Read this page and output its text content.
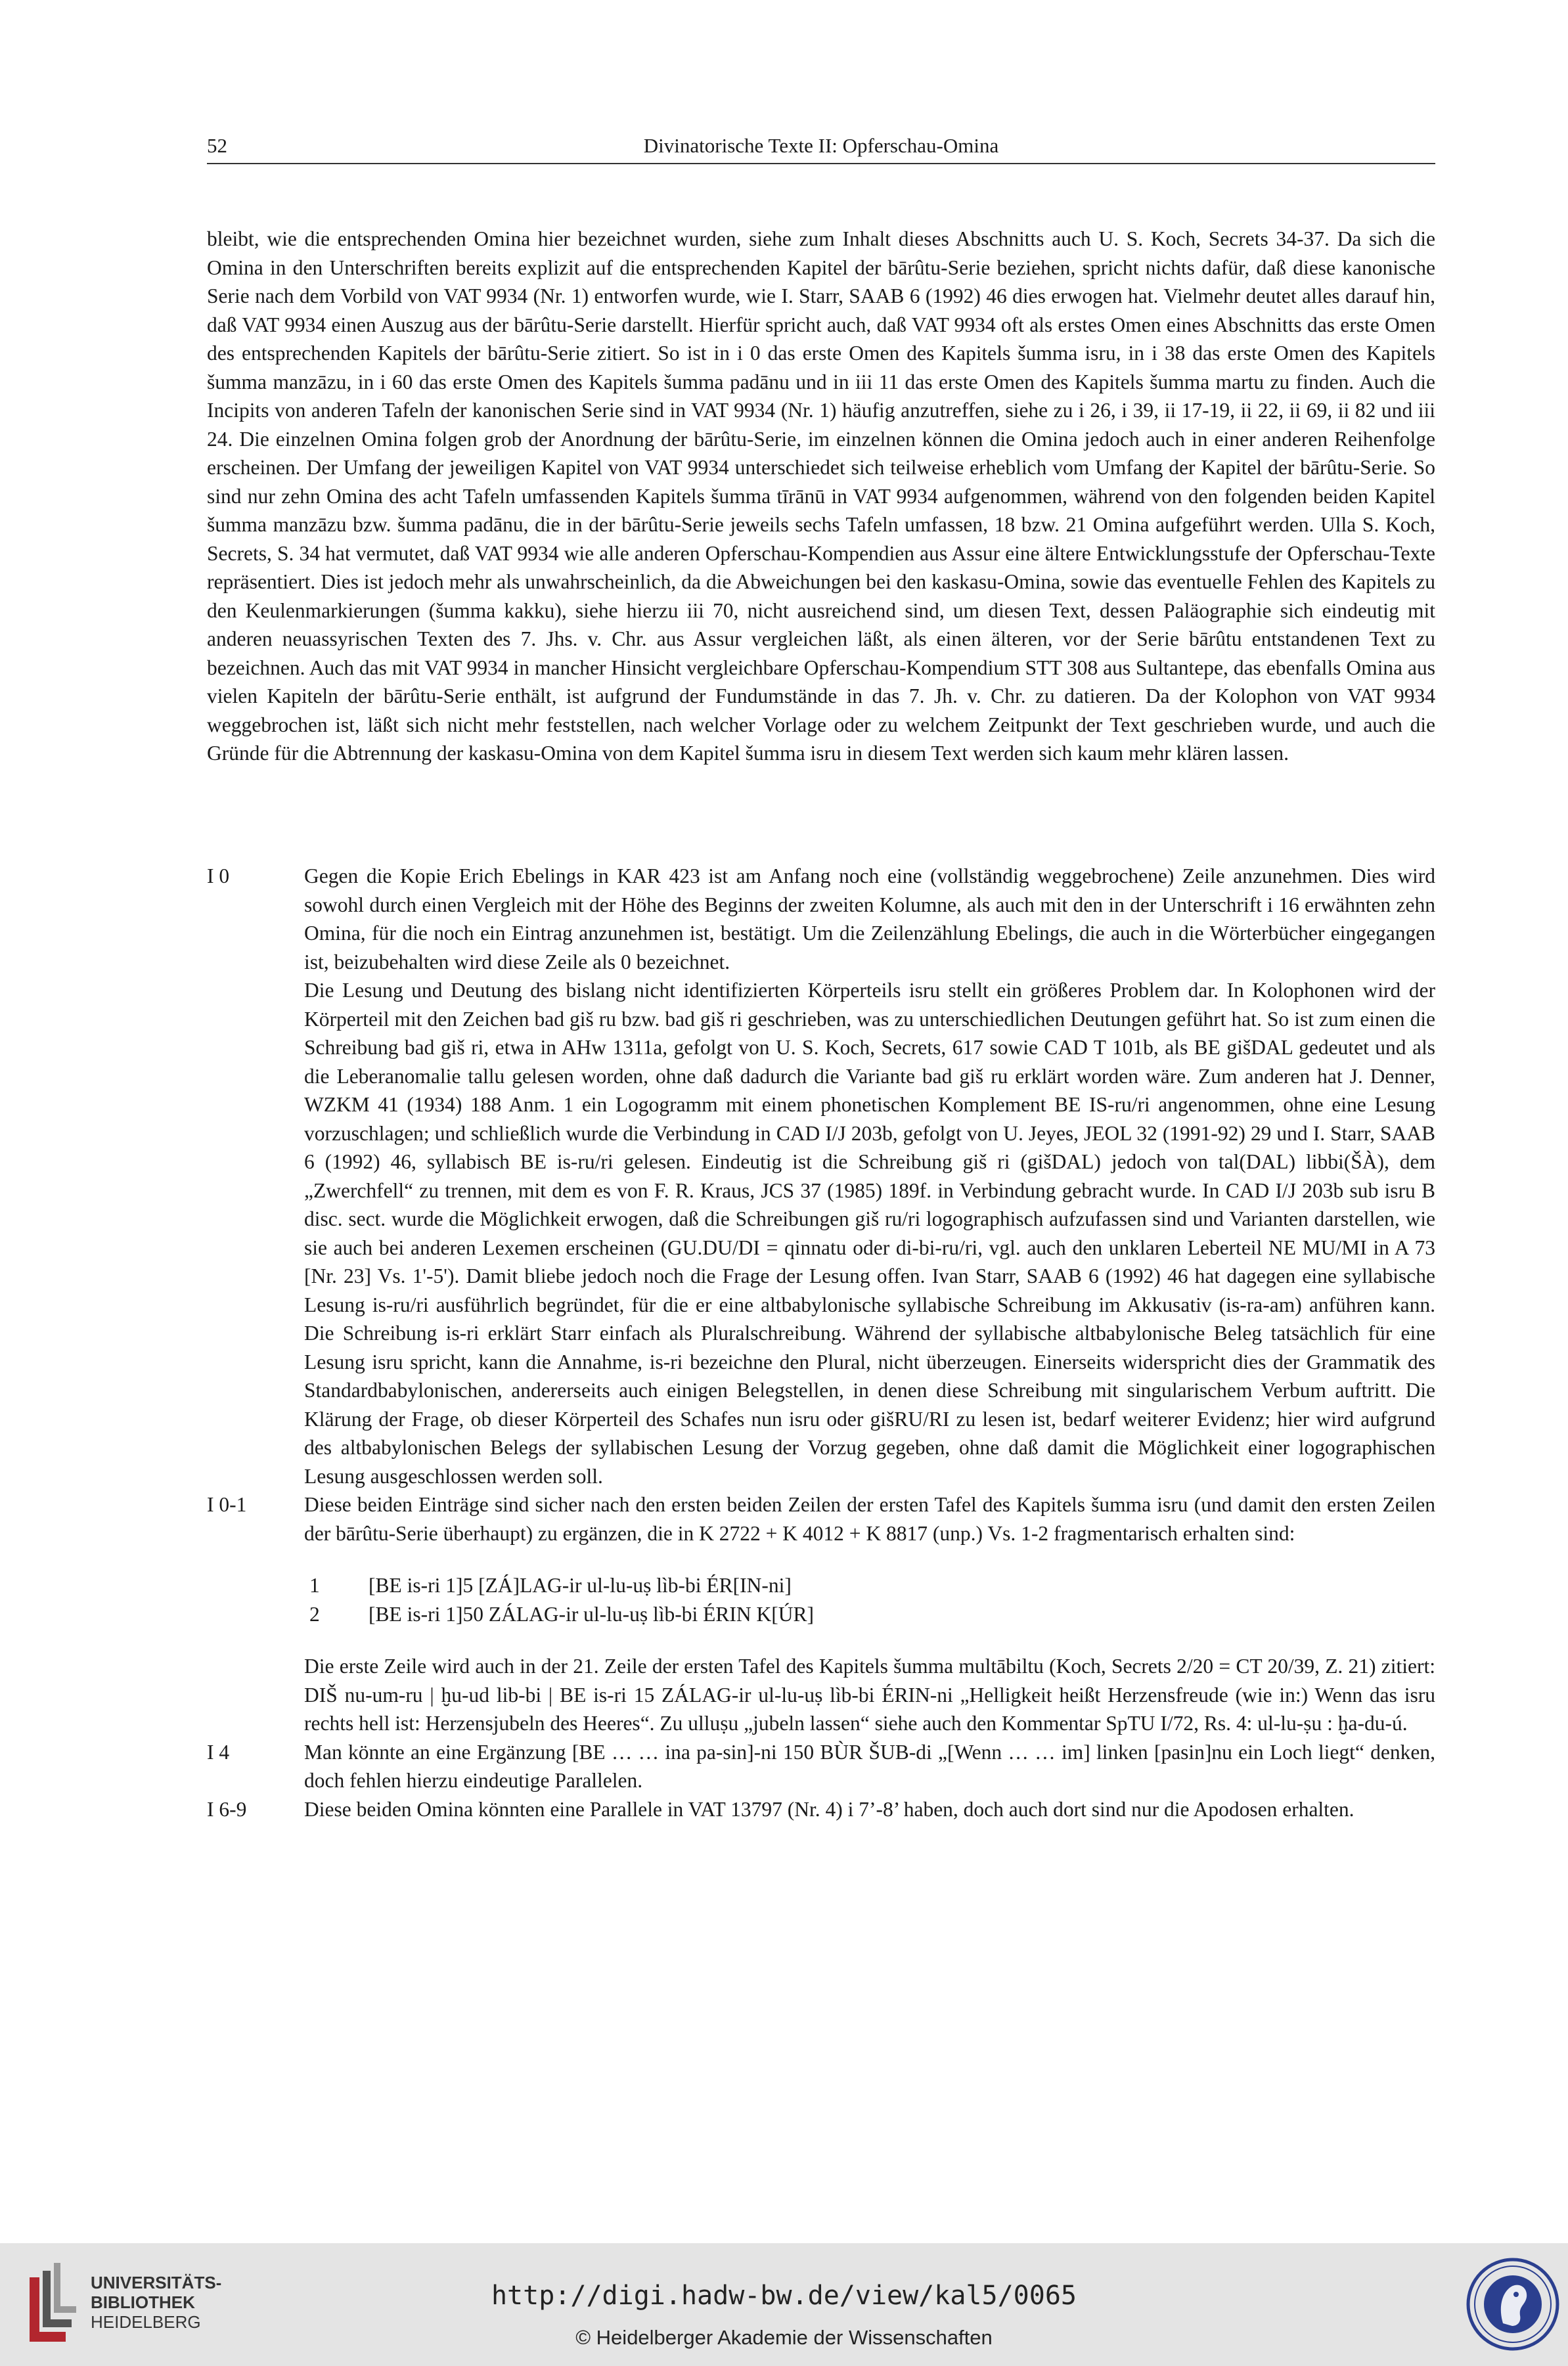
52	Divinatorische Texte II: Opferschau-Omina

bleibt, wie die entsprechenden Omina hier bezeichnet wurden, siehe zum Inhalt dieses Abschnitts auch U. S. Koch, Secrets 34-37. Da sich die Omina in den Unterschriften bereits explizit auf die entsprechenden Kapitel der bārûtu-Serie beziehen, spricht nichts dafür, daß diese kanonische Serie nach dem Vorbild von VAT 9934 (Nr. 1) entworfen wurde, wie I. Starr, SAAB 6 (1992) 46 dies erwogen hat. Vielmehr deutet alles darauf hin, daß VAT 9934 einen Auszug aus der bārûtu-Serie darstellt. Hierfür spricht auch, daß VAT 9934 oft als erstes Omen eines Abschnitts das erste Omen des entsprechenden Kapitels der bārûtu-Serie zitiert. So ist in i 0 das erste Omen des Kapitels šumma isru, in i 38 das erste Omen des Kapitels šumma manzāzu, in i 60 das erste Omen des Kapitels šumma padānu und in iii 11 das erste Omen des Kapitels šumma martu zu finden. Auch die Incipits von anderen Tafeln der kanonischen Serie sind in VAT 9934 (Nr. 1) häufig anzutreffen, siehe zu i 26, i 39, ii 17-19, ii 22, ii 69, ii 82 und iii 24. Die einzelnen Omina folgen grob der Anordnung der bārûtu-Serie, im einzelnen können die Omina jedoch auch in einer anderen Reihenfolge erscheinen. Der Umfang der jeweiligen Kapitel von VAT 9934 unterschiedet sich teilweise erheblich vom Umfang der Kapitel der bārûtu-Serie. So sind nur zehn Omina des acht Tafeln umfassenden Kapitels šumma tīrānū in VAT 9934 aufgenommen, während von den folgenden beiden Kapitel šumma manzāzu bzw. šumma padānu, die in der bārûtu-Serie jeweils sechs Tafeln umfassen, 18 bzw. 21 Omina aufgeführt werden. Ulla S. Koch, Secrets, S. 34 hat vermutet, daß VAT 9934 wie alle anderen Opferschau-Kompendien aus Assur eine ältere Entwicklungsstufe der Opferschau-Texte repräsentiert. Dies ist jedoch mehr als unwahrscheinlich, da die Abweichungen bei den kaskasu-Omina, sowie das eventuelle Fehlen des Kapitels zu den Keulenmarkierungen (šumma kakku), siehe hierzu iii 70, nicht ausreichend sind, um diesen Text, dessen Paläographie sich eindeutig mit anderen neuassyrischen Texten des 7. Jhs. v. Chr. aus Assur vergleichen läßt, als einen älteren, vor der Serie bārûtu entstandenen Text zu bezeichnen. Auch das mit VAT 9934 in mancher Hinsicht vergleichbare Opferschau-Kompendium STT 308 aus Sultantepe, das ebenfalls Omina aus vielen Kapiteln der bārûtu-Serie enthält, ist aufgrund der Fundumstände in das 7. Jh. v. Chr. zu datieren. Da der Kolophon von VAT 9934 weggebrochen ist, läßt sich nicht mehr feststellen, nach welcher Vorlage oder zu welchem Zeitpunkt der Text geschrieben wurde, und auch die Gründe für die Abtrennung der kaskasu-Omina von dem Kapitel šumma isru in diesem Text werden sich kaum mehr klären lassen.

I 0	Gegen die Kopie Erich Ebelings in KAR 423 ist am Anfang noch eine (vollständig weggebrochene) Zeile anzunehmen. Dies wird sowohl durch einen Vergleich mit der Höhe des Beginns der zweiten Kolumne, als auch mit den in der Unterschrift i 16 erwähnten zehn Omina, für die noch ein Eintrag anzunehmen ist, bestätigt. Um die Zeilenzählung Ebelings, die auch in die Wörterbücher eingegangen ist, beizubehalten wird diese Zeile als 0 bezeichnet.

Die Lesung und Deutung des bislang nicht identifizierten Körperteils isru stellt ein größeres Problem dar. In Kolophonen wird der Körperteil mit den Zeichen bad giš ru bzw. bad giš ri geschrieben, was zu unterschiedlichen Deutungen geführt hat. So ist zum einen die Schreibung bad giš ri, etwa in AHw 1311a, gefolgt von U. S. Koch, Secrets, 617 sowie CAD T 101b, als BE gišDAL gedeutet und als die Leberanomalie tallu gelesen worden, ohne daß dadurch die Variante bad giš ru erklärt worden wäre. Zum anderen hat J. Denner, WZKM 41 (1934) 188 Anm. 1 ein Logogramm mit einem phonetischen Komplement BE IS-ru/ri angenommen, ohne eine Lesung vorzuschlagen; und schließlich wurde die Verbindung in CAD I/J 203b, gefolgt von U. Jeyes, JEOL 32 (1991-92) 29 und I. Starr, SAAB 6 (1992) 46, syllabisch BE is-ru/ri gelesen. Eindeutig ist die Schreibung giš ri (gišDAL) jedoch von tal(DAL) libbi(ŠÀ), dem „Zwerchfell“ zu trennen, mit dem es von F. R. Kraus, JCS 37 (1985) 189f. in Verbindung gebracht wurde. In CAD I/J 203b sub isru B disc. sect. wurde die Möglichkeit erwogen, daß die Schreibungen giš ru/ri logographisch aufzufassen sind und Varianten darstellen, wie sie auch bei anderen Lexemen erscheinen (GU.DU/DI = qinnatu oder di-bi-ru/ri, vgl. auch den unklaren Leberteil NE MU/MI in A 73 [Nr. 23] Vs. 1'-5'). Damit bliebe jedoch noch die Frage der Lesung offen. Ivan Starr, SAAB 6 (1992) 46 hat dagegen eine syllabische Lesung is-ru/ri ausführlich begründet, für die er eine altbabylonische syllabische Schreibung im Akkusativ (is-ra-am) anführen kann. Die Schreibung is-ri erklärt Starr einfach als Pluralschreibung. Während der syllabische altbabylonische Beleg tatsächlich für eine Lesung isru spricht, kann die Annahme, is-ri bezeichne den Plural, nicht überzeugen. Einerseits widerspricht dies der Grammatik des Standardbabylonischen, andererseits auch einigen Belegstellen, in denen diese Schreibung mit singularischem Verbum auftritt. Die Klärung der Frage, ob dieser Körperteil des Schafes nun isru oder gišRU/RI zu lesen ist, bedarf weiterer Evidenz; hier wird aufgrund des altbabylonischen Belegs der syllabischen Lesung der Vorzug gegeben, ohne daß damit die Möglichkeit einer logographischen Lesung ausgeschlossen werden soll.

I 0-1	Diese beiden Einträge sind sicher nach den ersten beiden Zeilen der ersten Tafel des Kapitels šumma isru (und damit den ersten Zeilen der bārûtu-Serie überhaupt) zu ergänzen, die in K 2722 + K 4012 + K 8817 (unp.) Vs. 1-2 fragmentarisch erhalten sind:

1	[BE is-ri 1]5 [ZÁ]LAG-ir ul-lu-uṣ lìb-bi ÉR[IN-ni]
2	[BE is-ri 1]50 ZÁLAG-ir ul-lu-uṣ lìb-bi ÉRIN K[ÚR]

Die erste Zeile wird auch in der 21. Zeile der ersten Tafel des Kapitels šumma multābiltu (Koch, Secrets 2/20 = CT 20/39, Z. 21) zitiert: DIŠ nu-um-ru | ḫu-ud lib-bi | BE is-ri 15 ZÁLAG-ir ul-lu-uṣ lìb-bi ÉRIN-ni „Helligkeit heißt Herzensfreude (wie in:) Wenn das isru rechts hell ist: Herzensjubeln des Heeres“. Zu ulluṣu „jubeln lassen“ siehe auch den Kommentar SpTU I/72, Rs. 4: ul-lu-ṣu : ḫa-du-ú.

I 4	Man könnte an eine Ergänzung [BE … … ina pa-sin]-ni 150 BÙR ŠUB-di „[Wenn … … im] linken [pasin]nu ein Loch liegt“ denken, doch fehlen hierzu eindeutige Parallelen.

I 6-9	Diese beiden Omina könnten eine Parallele in VAT 13797 (Nr. 4) i 7’-8’ haben, doch auch dort sind nur die Apodosen erhalten.

UNIVERSITÄTS-
BIBLIOTHEK
HEIDELBERG
http://digi.hadw-bw.de/view/kal5/0065
© Heidelberger Akademie der Wissenschaften
